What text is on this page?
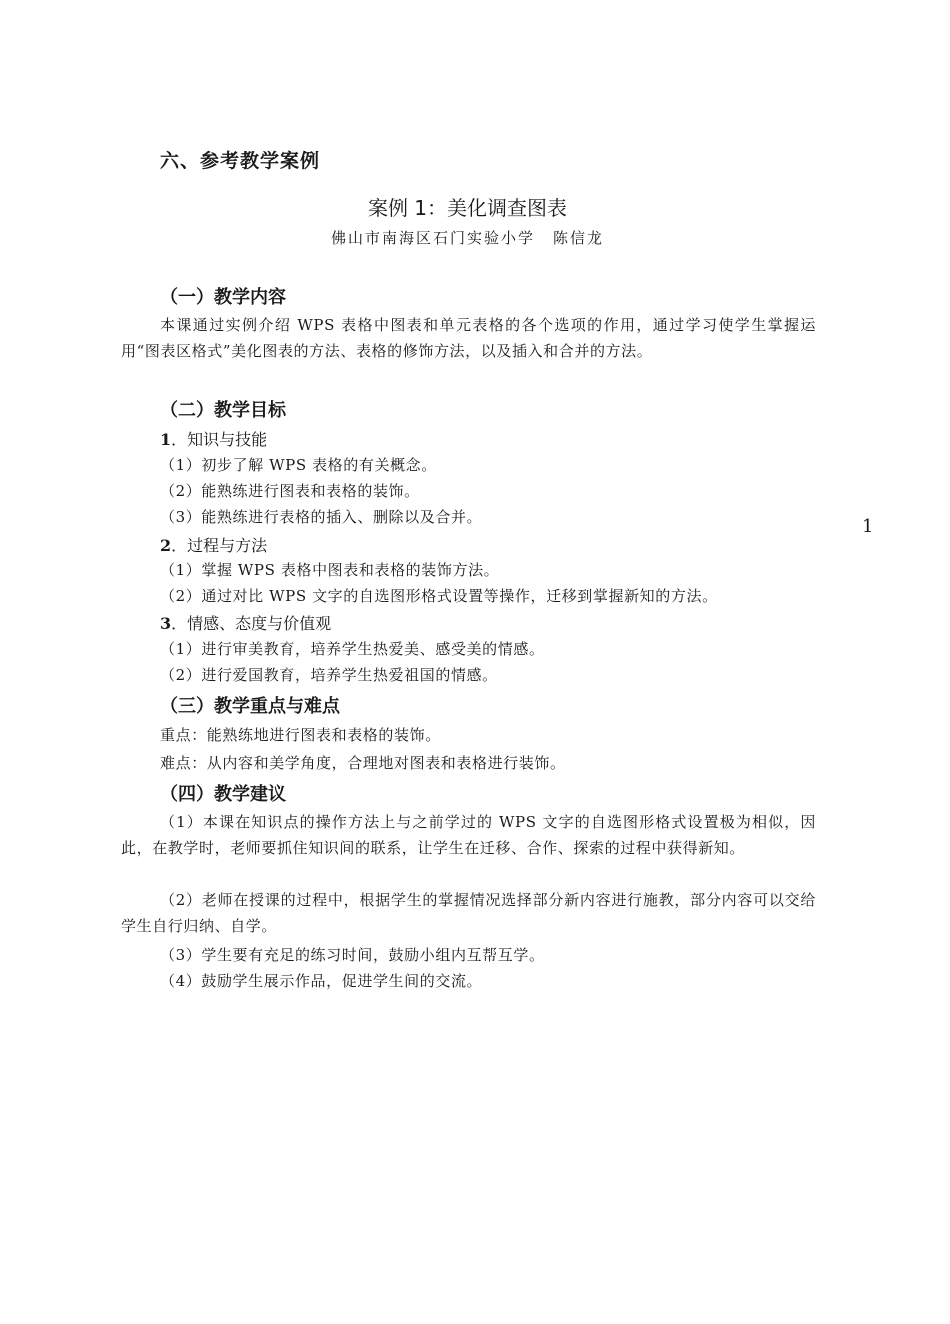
六、参考教学案例
案例 1：美化调查图表
佛山市南海区石门实验小学 陈信龙
（一）教学内容
本课通过实例介绍 WPS 表格中图表和单元表格的各个选项的作用，通过学习使学生掌握运用“图表区格式”美化图表的方法、表格的修饰方法，以及插入和合并的方法。
（二）教学目标
1．知识与技能
（1）初步了解 WPS 表格的有关概念。
（2）能熟练进行图表和表格的装饰。
（3）能熟练进行表格的插入、删除以及合并。
2．过程与方法
（1）掌握 WPS 表格中图表和表格的装饰方法。
（2）通过对比 WPS 文字的自选图形格式设置等操作，迁移到掌握新知的方法。
3．情感、态度与价值观
（1）进行审美教育，培养学生热爱美、感受美的情感。
（2）进行爱国教育，培养学生热爱祖国的情感。
（三）教学重点与难点
重点：能熟练地进行图表和表格的装饰。
难点：从内容和美学角度，合理地对图表和表格进行装饰。
（四）教学建议
（1）本课在知识点的操作方法上与之前学过的 WPS 文字的自选图形格式设置极为相似，因此，在教学时，老师要抓住知识间的联系，让学生在迁移、合作、探索的过程中获得新知。
（2）老师在授课的过程中，根据学生的掌握情况选择部分新内容进行施教，部分内容可以交给学生自行归纳、自学。
（3）学生要有充足的练习时间，鼓励小组内互帮互学。
（4）鼓励学生展示作品，促进学生间的交流。
1
